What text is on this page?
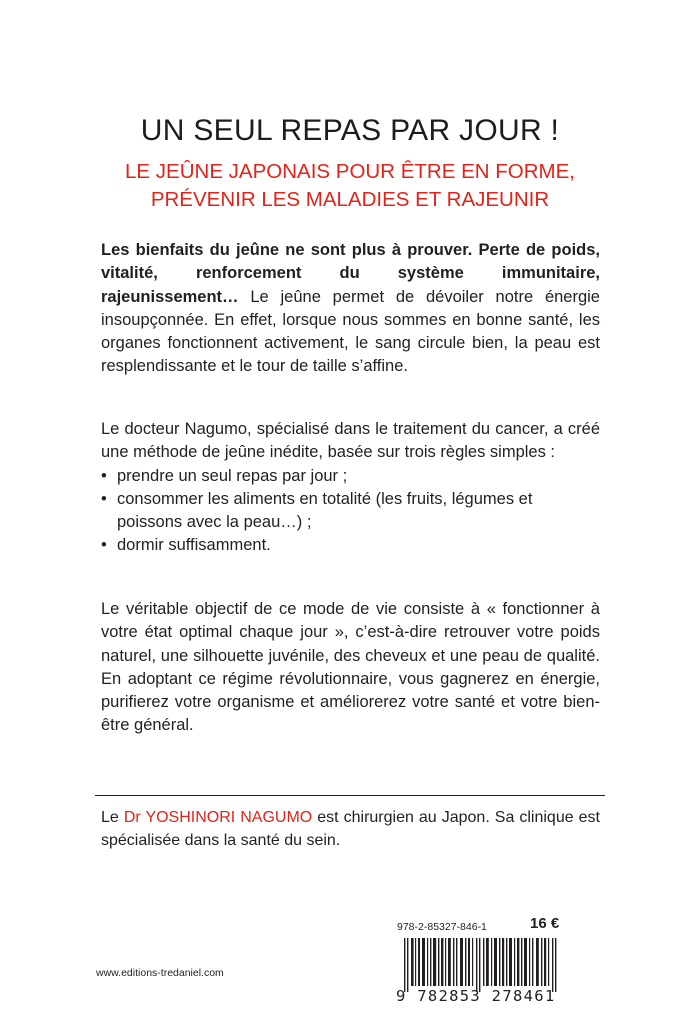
UN SEUL REPAS PAR JOUR !
LE JEÛNE JAPONAIS POUR ÊTRE EN FORME,
PRÉVENIR LES MALADIES ET RAJEUNIR
Les bienfaits du jeûne ne sont plus à prouver. Perte de poids, vitalité, renforcement du système immunitaire, rajeunissement… Le jeûne permet de dévoiler notre énergie insoupçonnée. En effet, lorsque nous sommes en bonne santé, les organes fonctionnent activement, le sang circule bien, la peau est resplendissante et le tour de taille s’affine.
Le docteur Nagumo, spécialisé dans le traitement du cancer, a créé une méthode de jeûne inédite, basée sur trois règles simples :
• prendre un seul repas par jour ;
• consommer les aliments en totalité (les fruits, légumes et poissons avec la peau…) ;
• dormir suffisamment.
Le véritable objectif de ce mode de vie consiste à « fonctionner à votre état optimal chaque jour », c’est-à-dire retrouver votre poids naturel, une silhouette juvénile, des cheveux et une peau de qualité. En adoptant ce régime révolutionnaire, vous gagnerez en énergie, purifierez votre organisme et améliorerez votre santé et votre bien-être général.
Le Dr YOSHINORI NAGUMO est chirurgien au Japon. Sa clinique est spécialisée dans la santé du sein.
www.editions-tredaniel.com
978-2-85327-846-1	16 €
9 782853 278461
